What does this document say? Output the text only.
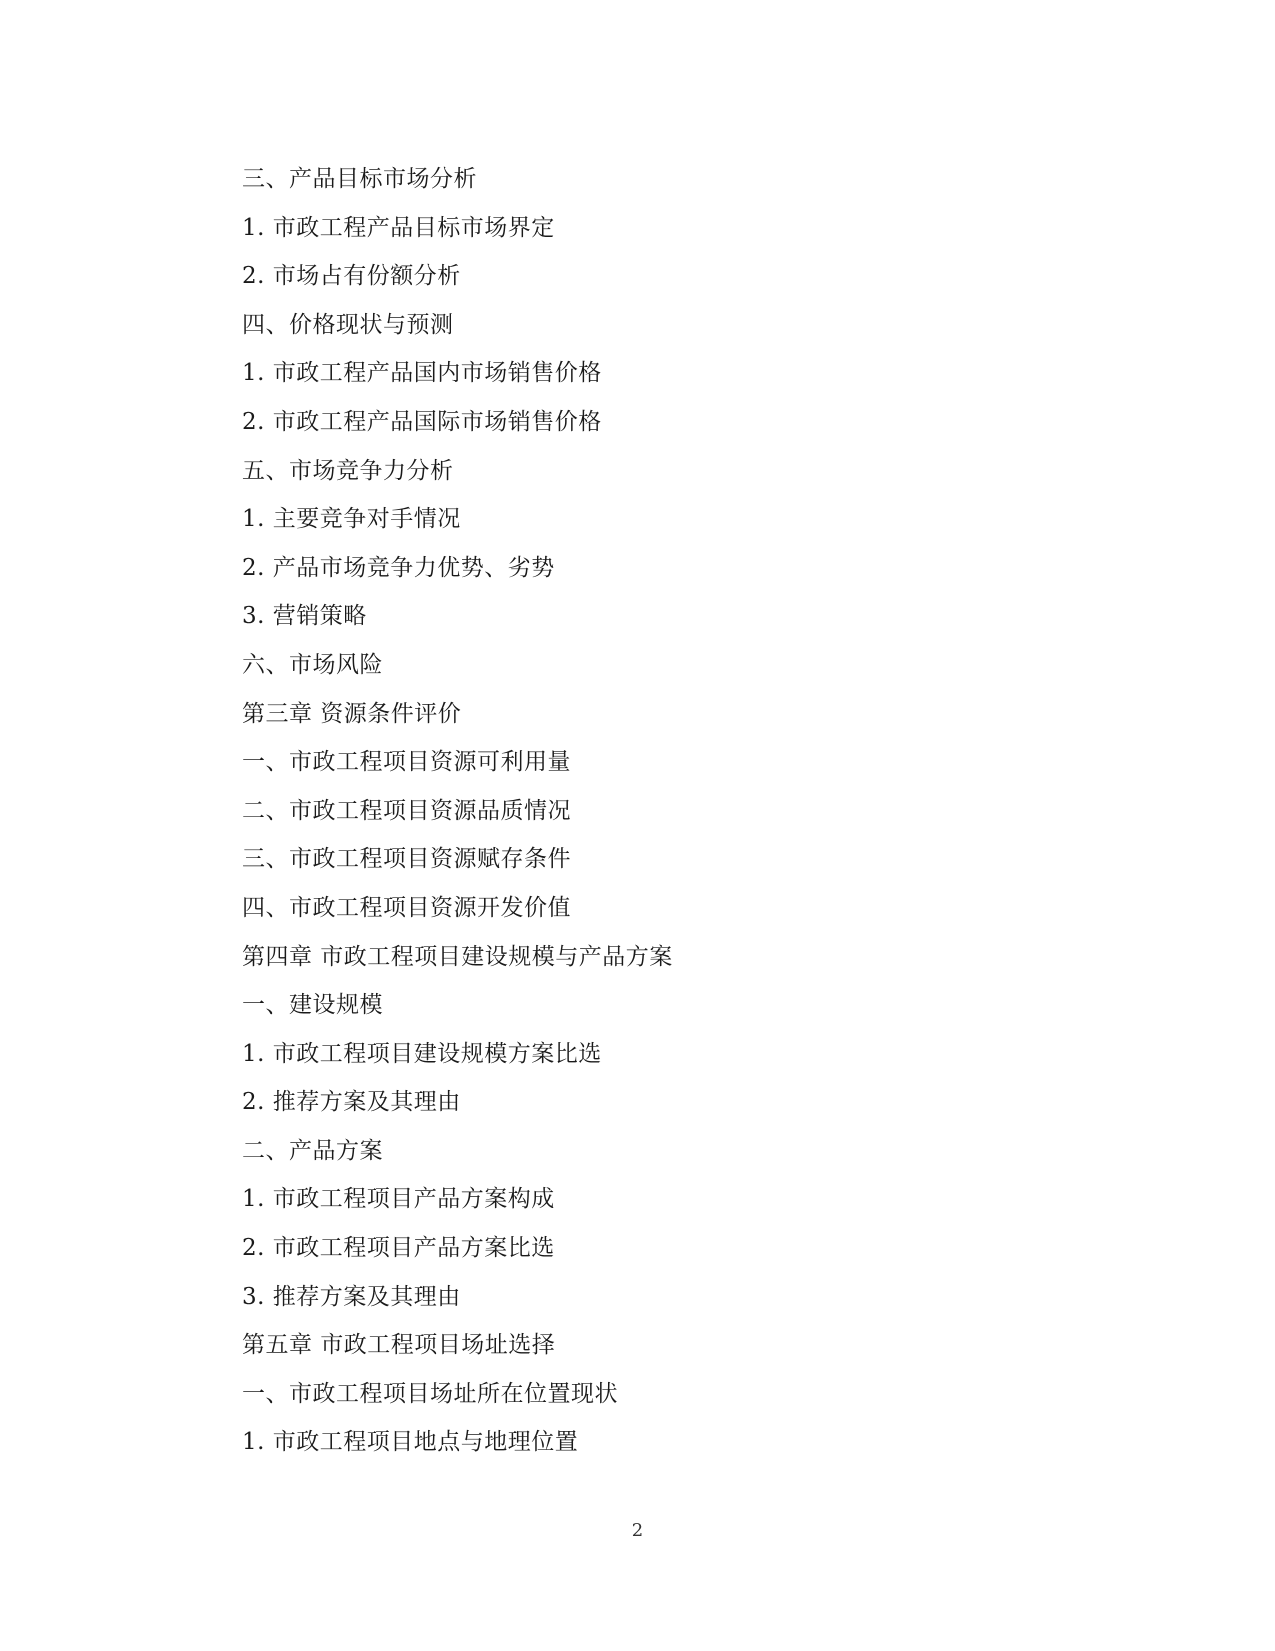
三、产品目标市场分析
1. 市政工程产品目标市场界定
2. 市场占有份额分析
四、价格现状与预测
1. 市政工程产品国内市场销售价格
2. 市政工程产品国际市场销售价格
五、市场竞争力分析
1. 主要竞争对手情况
2. 产品市场竞争力优势、劣势
3. 营销策略
六、市场风险
第三章 资源条件评价
一、市政工程项目资源可利用量
二、市政工程项目资源品质情况
三、市政工程项目资源赋存条件
四、市政工程项目资源开发价值
第四章 市政工程项目建设规模与产品方案
一、建设规模
1. 市政工程项目建设规模方案比选
2. 推荐方案及其理由
二、产品方案
1. 市政工程项目产品方案构成
2. 市政工程项目产品方案比选
3. 推荐方案及其理由
第五章 市政工程项目场址选择
一、市政工程项目场址所在位置现状
1. 市政工程项目地点与地理位置
2
